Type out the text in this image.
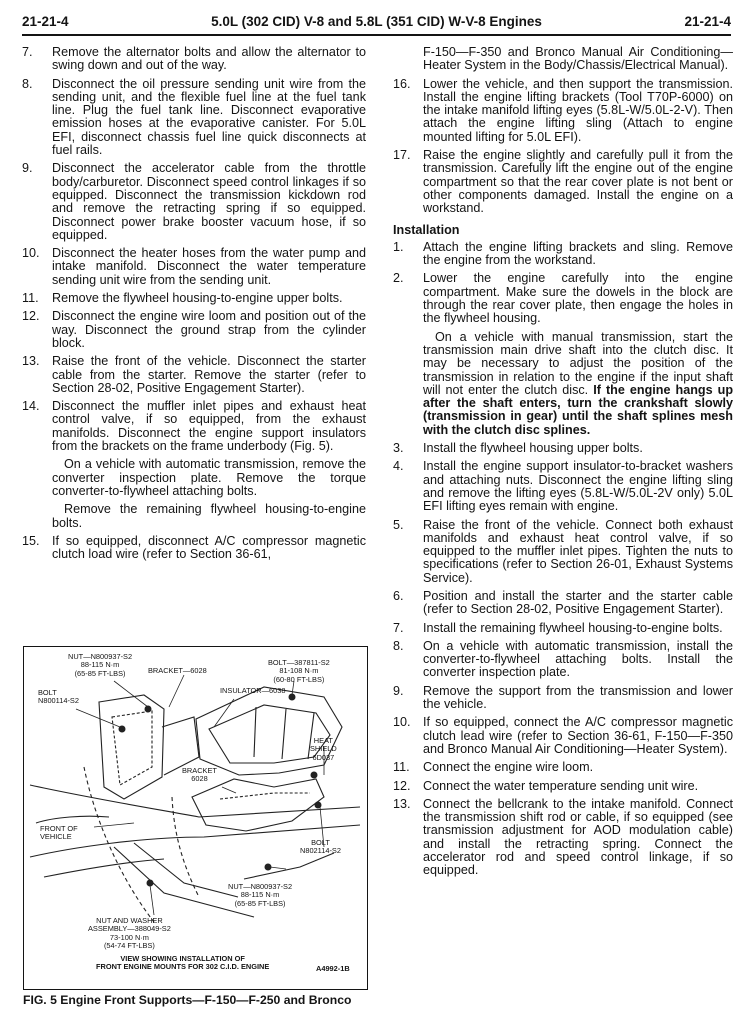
21-21-4	5.0L (302 CID) V-8 and 5.8L (351 CID) W-V-8 Engines	21-21-4
7. Remove the alternator bolts and allow the alternator to swing down and out of the way.
8. Disconnect the oil pressure sending unit wire from the sending unit, and the flexible fuel line at the fuel tank line. Plug the fuel tank line. Disconnect evaporative emission hoses at the evaporative canister. For 5.0L EFI, disconnect chassis fuel line quick disconnects at fuel rails.
9. Disconnect the accelerator cable from the throttle body/carburetor. Disconnect speed control linkages if so equipped. Disconnect the transmission kickdown rod and remove the retracting spring if so equipped. Disconnect power brake booster vacuum hose, if so equipped.
10. Disconnect the heater hoses from the water pump and intake manifold. Disconnect the water temperature sending unit wire from the sending unit.
11. Remove the flywheel housing-to-engine upper bolts.
12. Disconnect the engine wire loom and position out of the way. Disconnect the ground strap from the cylinder block.
13. Raise the front of the vehicle. Disconnect the starter cable from the starter. Remove the starter (refer to Section 28-02, Positive Engagement Starter).
14. Disconnect the muffler inlet pipes and exhaust heat control valve, if so equipped, from the exhaust manifolds. Disconnect the engine support insulators from the brackets on the frame underbody (Fig. 5).
On a vehicle with automatic transmission, remove the converter inspection plate. Remove the torque converter-to-flywheel attaching bolts.
Remove the remaining flywheel housing-to-engine bolts.
15. If so equipped, disconnect A/C compressor magnetic clutch load wire (refer to Section 36-61,
F-150—F-350 and Bronco Manual Air Conditioning—Heater System in the Body/Chassis/Electrical Manual).
16. Lower the vehicle, and then support the transmission. Install the engine lifting brackets (Tool T70P-6000) on the intake manifold lifting eyes (5.8L-W/5.0L-2-V). Then attach the engine lifting sling (Attach to engine mounted lifting for 5.0L EFI).
17. Raise the engine slightly and carefully pull it from the transmission. Carefully lift the engine out of the engine compartment so that the rear cover plate is not bent or other components damaged. Install the engine on a workstand.
Installation
1. Attach the engine lifting brackets and sling. Remove the engine from the workstand.
2. Lower the engine carefully into the engine compartment. Make sure the dowels in the block are through the rear cover plate, then engage the holes in the flywheel housing.
On a vehicle with manual transmission, start the transmission main drive shaft into the clutch disc. It may be necessary to adjust the position of the transmission in relation to the engine if the input shaft will not enter the clutch disc. If the engine hangs up after the shaft enters, turn the crankshaft slowly (transmission in gear) until the shaft splines mesh with the clutch disc splines.
3. Install the flywheel housing upper bolts.
4. Install the engine support insulator-to-bracket washers and attaching nuts. Disconnect the engine lifting sling and remove the lifting eyes (5.8L-W/5.0L-2V only) 5.0L EFI lifting eyes remain with engine.
5. Raise the front of the vehicle. Connect both exhaust manifolds and exhaust heat control valve, if so equipped to the muffler inlet pipes. Tighten the nuts to specifications (refer to Section 26-01, Exhaust Systems Service).
6. Position and install the starter and the starter cable (refer to Section 28-02, Positive Engagement Starter).
7. Install the remaining flywheel housing-to-engine bolts.
8. On a vehicle with automatic transmission, install the converter-to-flywheel attaching bolts. Install the converter inspection plate.
9. Remove the support from the transmission and lower the vehicle.
10. If so equipped, connect the A/C compressor magnetic clutch lead wire (refer to Section 36-61, F-150—F-350 and Bronco Manual Air Conditioning—Heater System).
11. Connect the engine wire loom.
12. Connect the water temperature sending unit wire.
13. Connect the bellcrank to the intake manifold. Connect the transmission shift rod or cable, if so equipped (see transmission adjustment for AOD modulation cable) and install the retracting spring. Connect the accelerator rod and speed control linkage, if so equipped.
NUT—N800937-S2
88-115 N·m
(65-85 FT-LBS)	BRACKET—6028
BOLT—387811-S2
81-108 N·m
(60-80 FT-LBS)
INSULATOR—6038
BOLT
N800114-S2
HEAT
SHIELD
6D037
BRACKET
6028
FRONT OF
VEHICLE
BOLT
N802114-S2
NUT—N800937-S2
88-115 N·m
(65-85 FT-LBS)
NUT AND WASHER
ASSEMBLY—388049-S2
73-100 N·m
(54-74 FT-LBS)
VIEW SHOWING INSTALLATION OF
FRONT ENGINE MOUNTS FOR 302 C.I.D. ENGINE	A4992-1B
FIG. 5 Engine Front Supports—F-150—F-250 and Bronco
